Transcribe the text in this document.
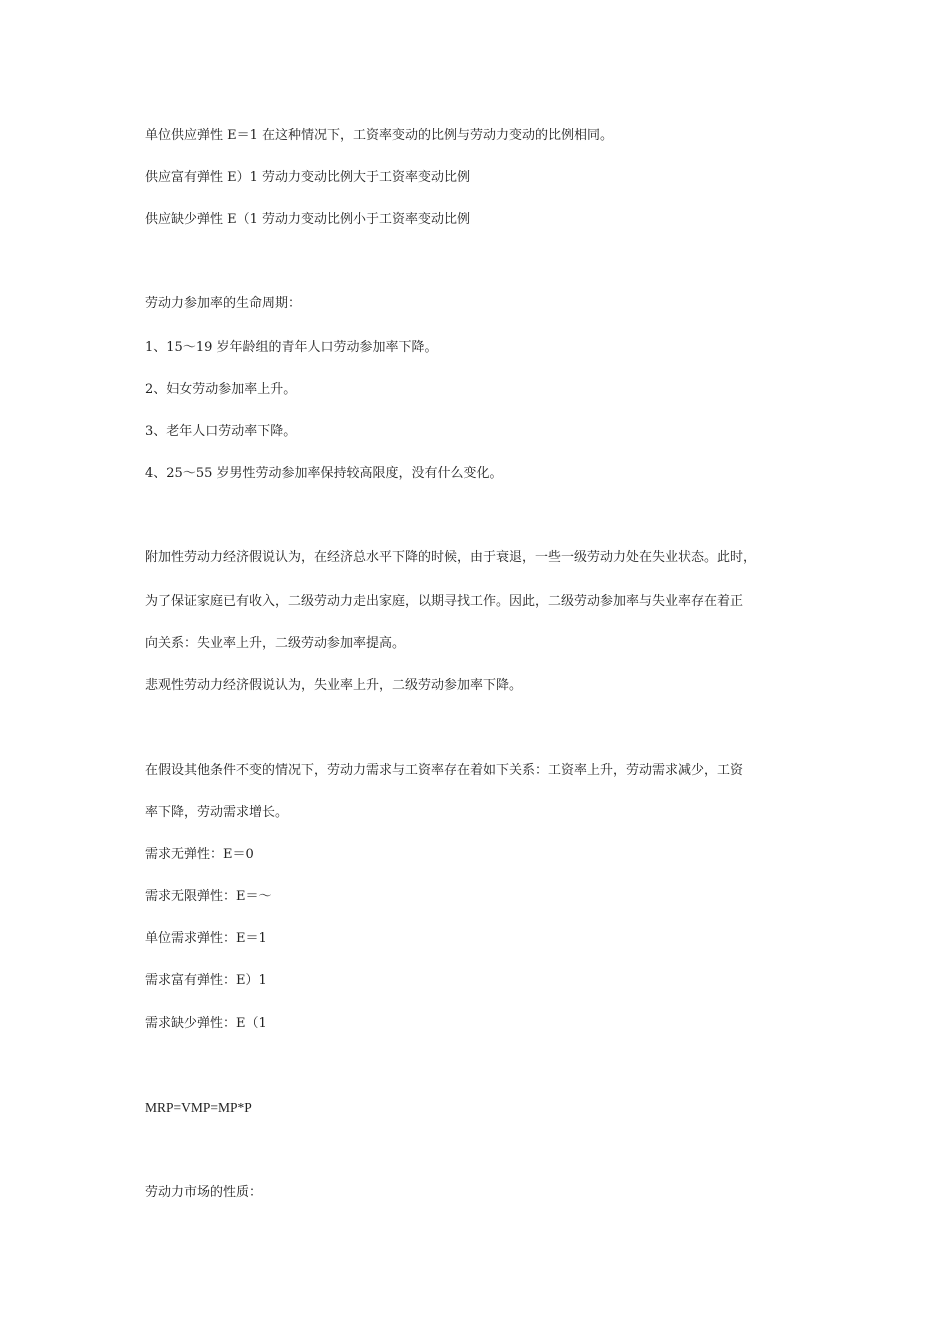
单位供应弹性 E＝1 在这种情况下，工资率变动的比例与劳动力变动的比例相同。
供应富有弹性 E）1 劳动力变动比例大于工资率变动比例
供应缺少弹性 E（1 劳动力变动比例小于工资率变动比例
劳动力参加率的生命周期：
1、15～19 岁年龄组的青年人口劳动参加率下降。
2、妇女劳动参加率上升。
3、老年人口劳动率下降。
4、25～55 岁男性劳动参加率保持较高限度，没有什么变化。
附加性劳动力经济假说认为，在经济总水平下降的时候，由于衰退，一些一级劳动力处在失业状态。此时，
为了保证家庭已有收入，二级劳动力走出家庭，以期寻找工作。因此，二级劳动参加率与失业率存在着正
向关系：失业率上升，二级劳动参加率提高。
悲观性劳动力经济假说认为，失业率上升，二级劳动参加率下降。
在假设其他条件不变的情况下，劳动力需求与工资率存在着如下关系：工资率上升，劳动需求减少，工资
率下降，劳动需求增长。
需求无弹性：E＝0
需求无限弹性：E＝～
单位需求弹性：E＝1
需求富有弹性：E）1
需求缺少弹性：E（1
MRP=VMP=MP*P
劳动力市场的性质：
